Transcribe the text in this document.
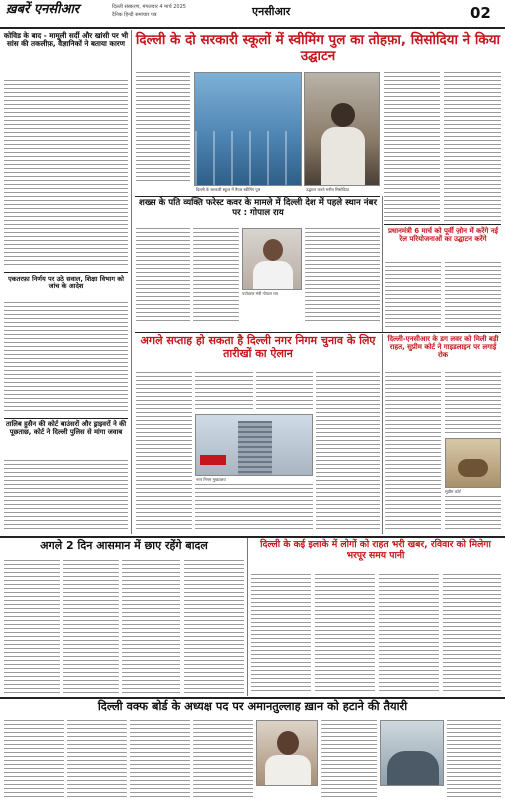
ख़बरें एनसीआर	दिल्ली संस्करण, मंगलवार 4 मार्च 2025
दैनिक हिन्दी समाचार पत्र	एनसीआर	02
कोविड के बाद - मामूली सर्दी और खांसी पर भी सांस की तकलीफ़, वैज्ञानिकों ने बताया कारण
एकतरफ़ा निर्णय पर उठे सवाल, शिक्षा विभाग को जांच के आदेश
तालिब हुसैन की कोर्ट बाउंसरों और ड्राइवरों ने की पूछताछ, कोर्ट ने दिल्ली पुलिस से मांगा जवाब
दिल्ली के दो सरकारी स्कूलों में स्वीमिंग पुल का तोहफ़ा, सिसोदिया ने किया उद्घाटन
दिल्ली के सरकारी स्कूल में तैयार स्वीमिंग पुल	उद्घाटन करते मनीष सिसोदिया
शख्स के पति व्यक्ति फरेस्ट कवर के मामले में दिल्ली देश में पहले स्थान नंबर पर : गोपाल राय
पर्यावरण मंत्री गोपाल राय
प्रधानमंत्री 6 मार्च को पूर्वी ज़ोन में करेंगे नई रेल परियोजनाओं का उद्घाटन करेंगे
अगले सप्ताह हो सकता है दिल्ली नगर निगम चुनाव के लिए तारीखों का ऐलान
नगर निगम मुख्यालय
दिल्ली-एनसीआर के डग लवर को मिली बड़ी राहत, सुप्रीम कोर्ट ने गाइडलाइन पर लगाई रोक
सुप्रीम कोर्ट
अगले 2 दिन आसमान में छाए रहेंगे बादल	दिल्ली के कई इलाके में लोगों को राहत भरी खबर, रविवार को मिलेगा भरपूर समय पानी
दिल्ली वक्फ बोर्ड के अध्यक्ष पद पर अमानतुल्लाह ख़ान को हटाने की तैयारी
